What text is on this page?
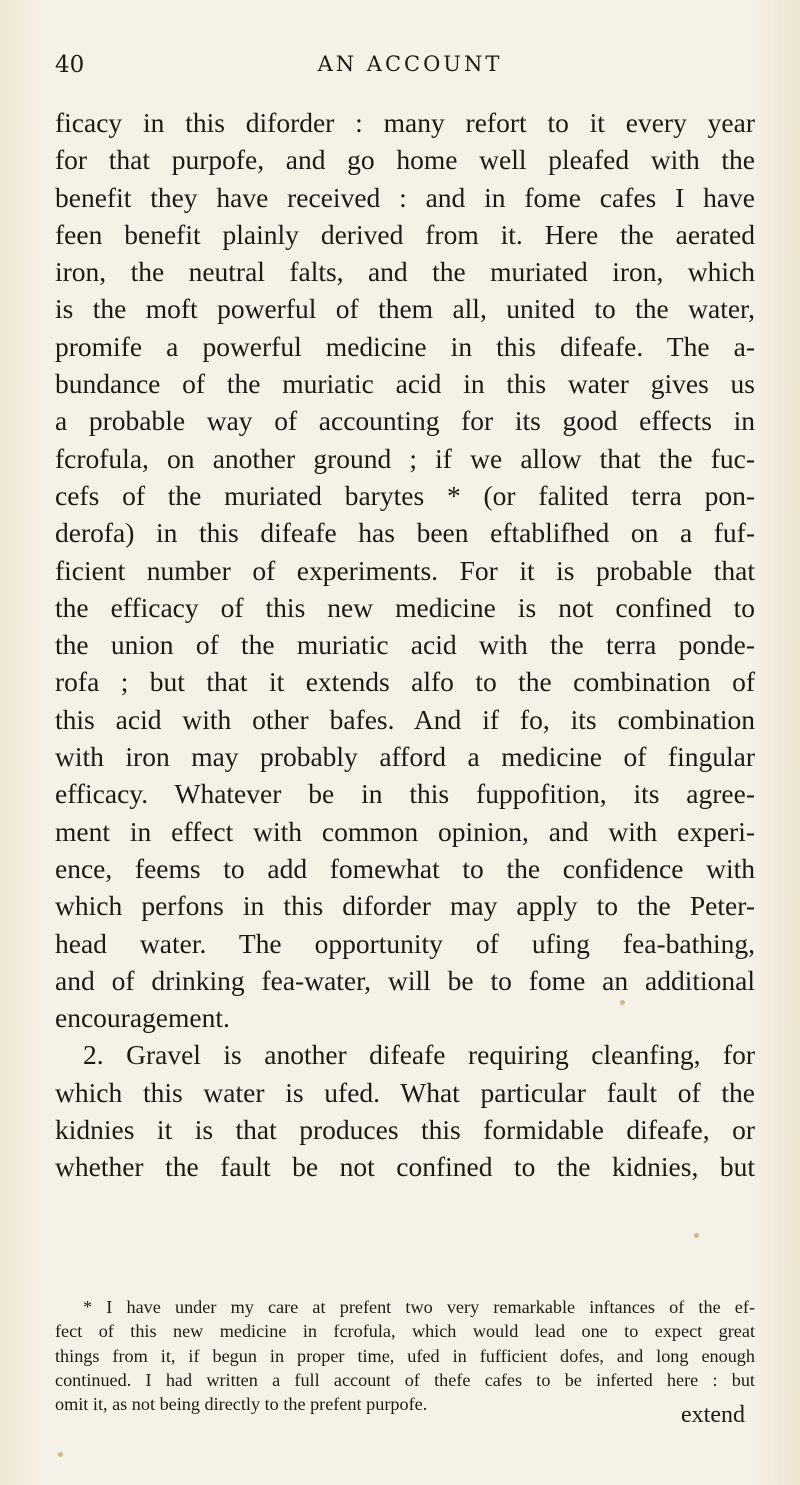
40	AN ACCOUNT
ficacy in this diforder : many refort to it every year
for that purpofe, and go home well pleafed with the
benefit they have received : and in fome cafes I have
feen benefit plainly derived from it. Here the aerated
iron, the neutral falts, and the muriated iron, which
is the moft powerful of them all, united to the water,
promife a powerful medicine in this difeafe. The a-
bundance of the muriatic acid in this water gives us
a probable way of accounting for its good effects in
fcrofula, on another ground ; if we allow that the fuc-
cefs of the muriated barytes * (or falited terra pon-
derofa) in this difeafe has been eftablifhed on a fuf-
ficient number of experiments. For it is probable that
the efficacy of this new medicine is not confined to
the union of the muriatic acid with the terra ponde-
rofa ; but that it extends alfo to the combination of
this acid with other bafes. And if fo, its combination
with iron may probably afford a medicine of fingular
efficacy. Whatever be in this fuppofition, its agree-
ment in effect with common opinion, and with experi-
ence, feems to add fomewhat to the confidence with
which perfons in this diforder may apply to the Peter-
head water. The opportunity of ufing fea-bathing,
and of drinking fea-water, will be to fome an additional
encouragement.
2. Gravel is another difeafe requiring cleanfing, for
which this water is ufed. What particular fault of the
kidnies it is that produces this formidable difeafe, or
whether the fault be not confined to the kidnies, but
* I have under my care at prefent two very remarkable inftances of the ef-
fect of this new medicine in fcrofula, which would lead one to expect great
things from it, if begun in proper time, ufed in fufficient dofes, and long enough
continued. I had written a full account of thefe cafes to be inferted here : but
omit it, as not being directly to the prefent purpofe.	extend
